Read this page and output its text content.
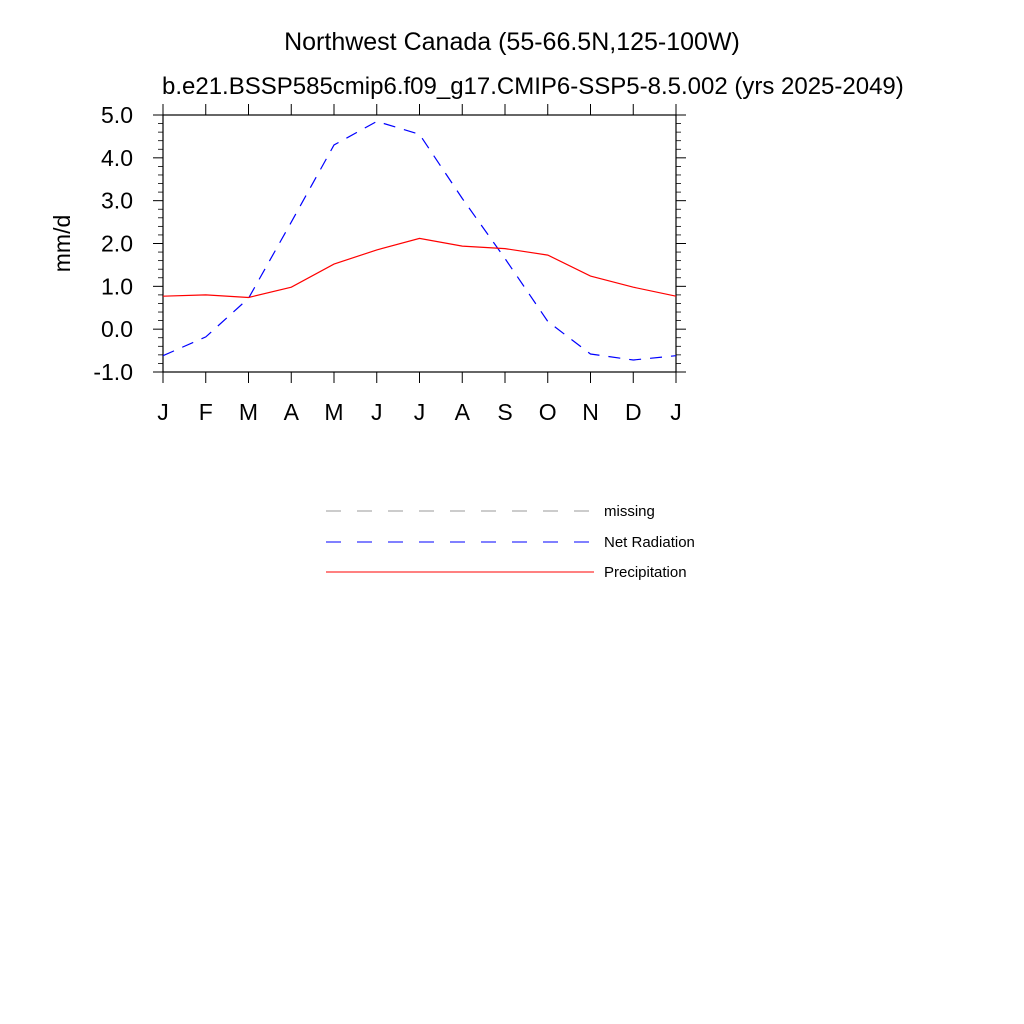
Northwest Canada (55-66.5N,125-100W)
b.e21.BSSP585cmip6.f09_g17.CMIP6-SSP5-8.5.002 (yrs 2025-2049)
-1.0
0.0
1.0
2.0
3.0
4.0
5.0
J F M A M J J A S O N D J
mm/d
missing
Net Radiation
Precipitation
